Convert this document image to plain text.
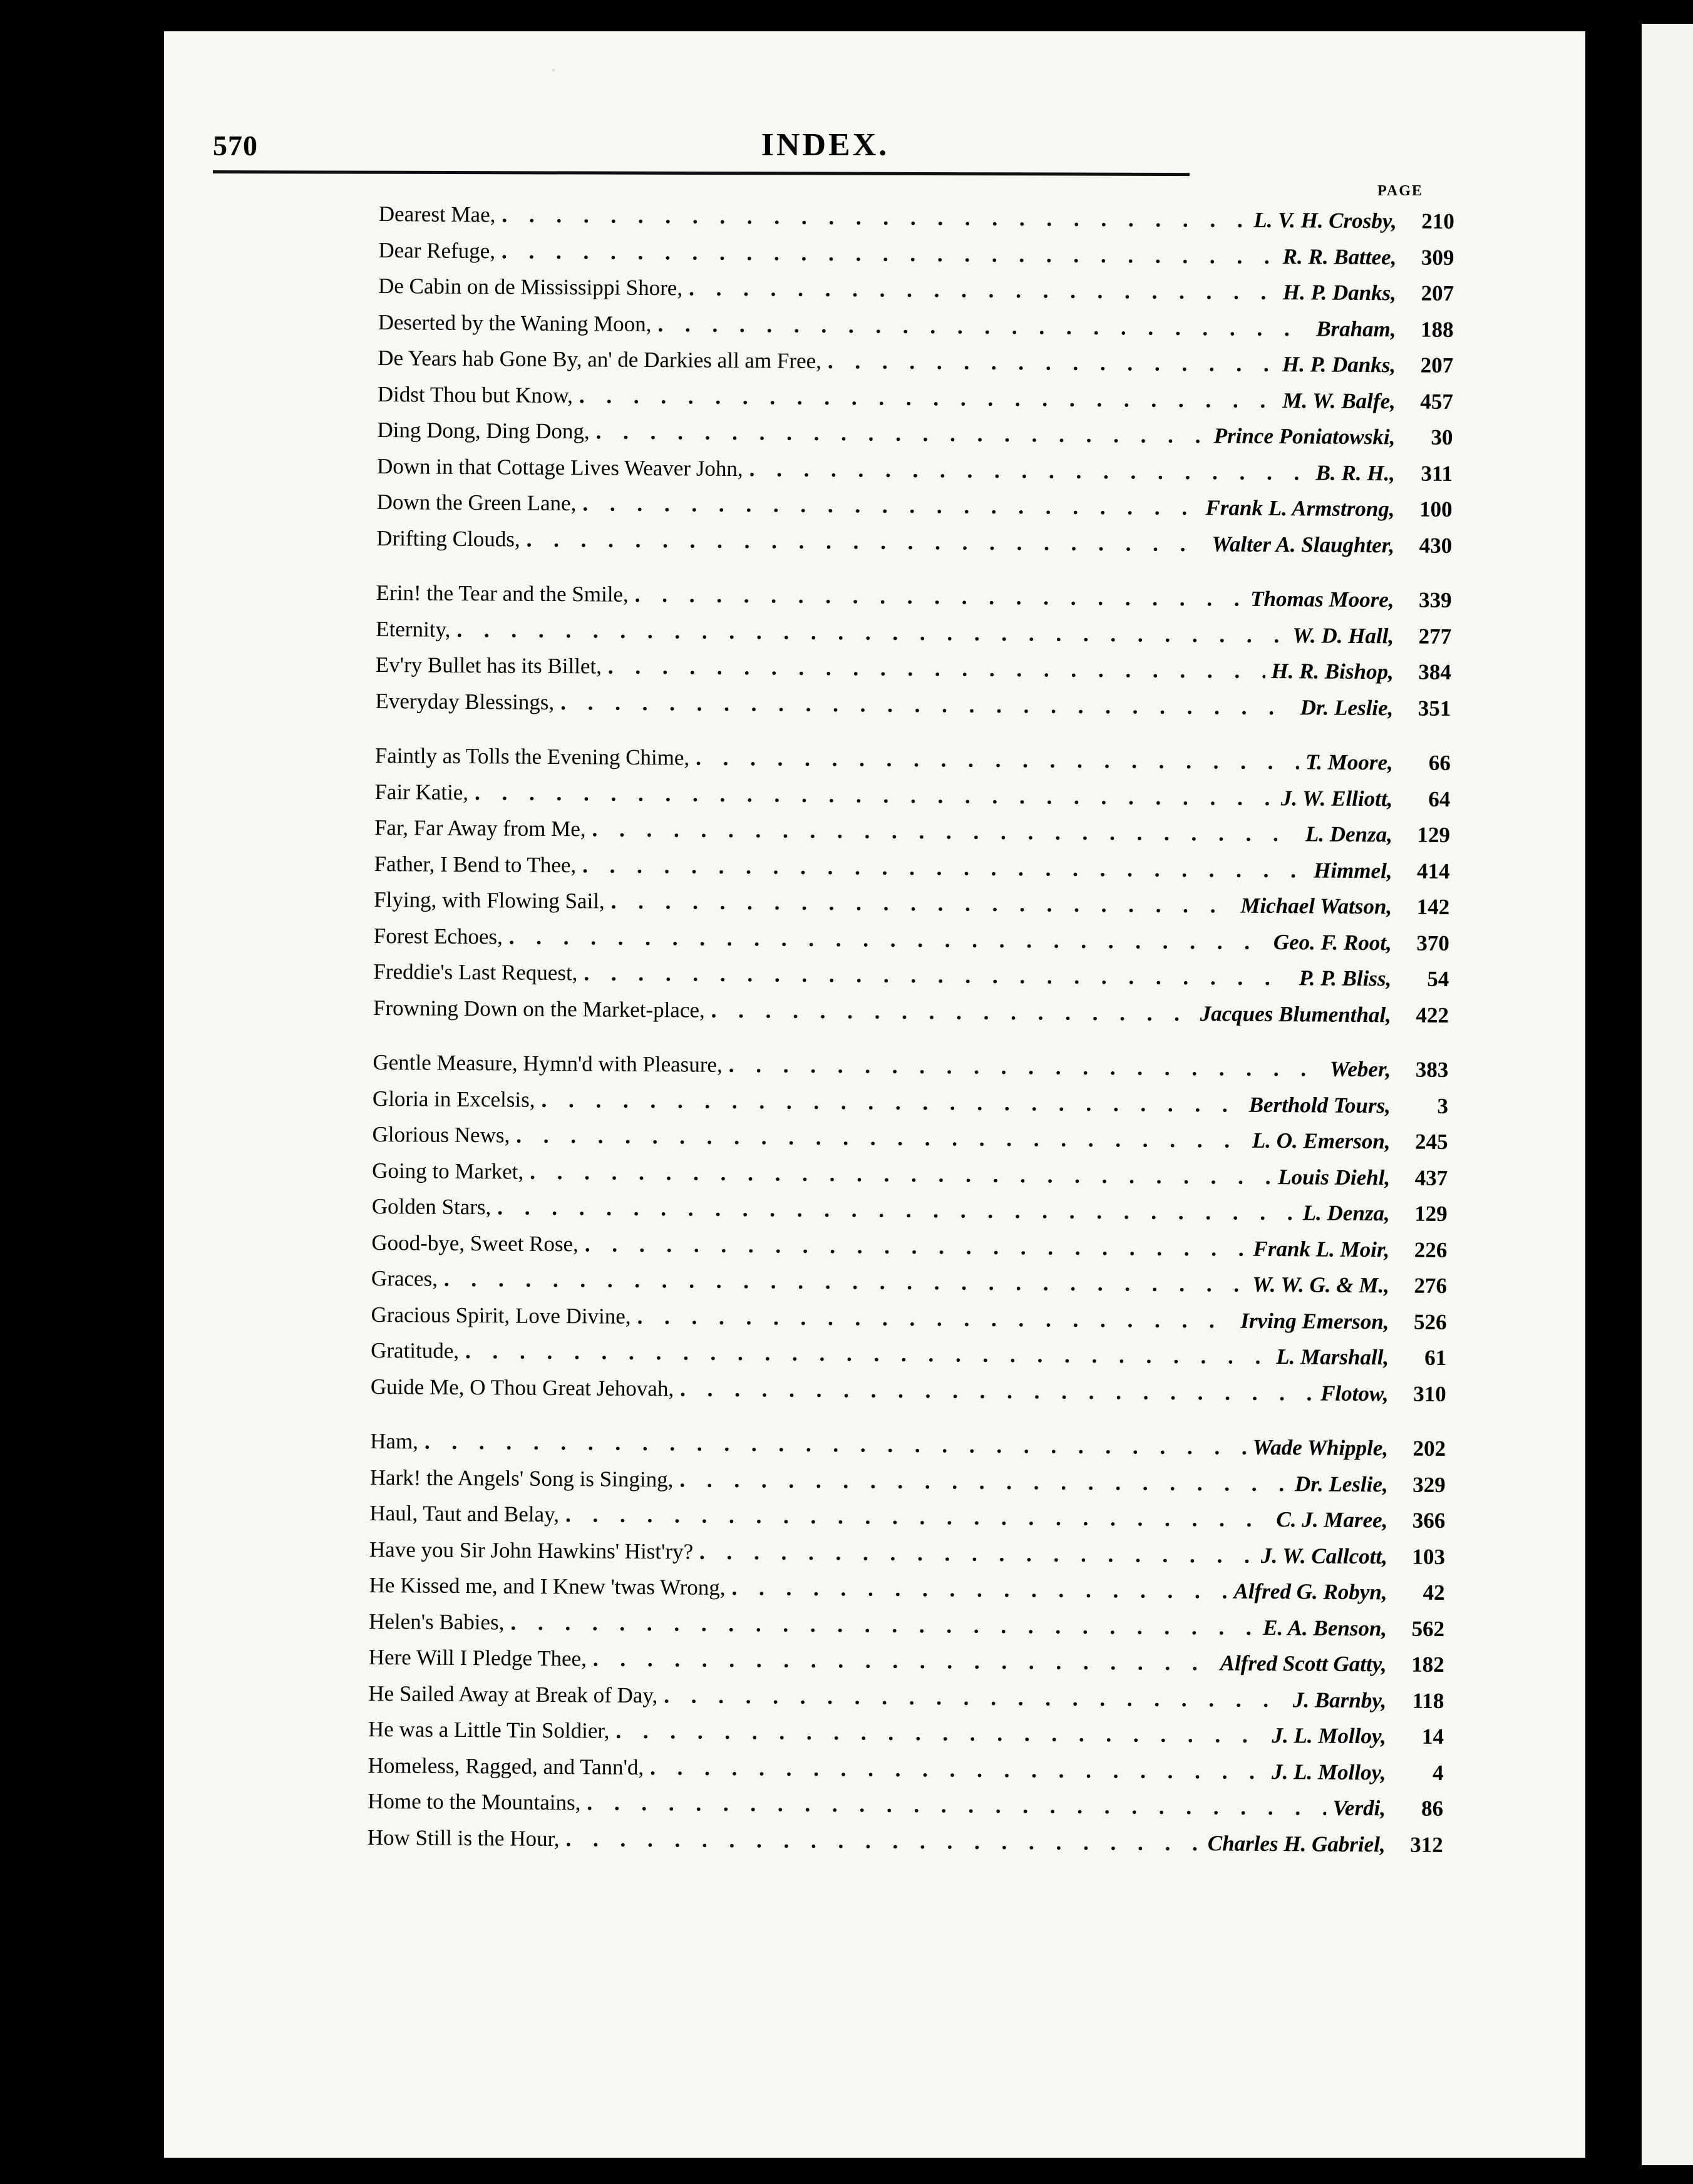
570	INDEX.
PAGE
Dearest Mae, . . .	L. V. H. Crosby,	210
Dear Refuge, . . .	R. R. Battee,	309
De Cabin on de Mississippi Shore, . . .	H. P. Danks,	207
Deserted by the Waning Moon, . . .	Braham,	188
De Years hab Gone By, an' de Darkies all am Free, . . .	H. P. Danks,	207
Didst Thou but Know, . . .	M. W. Balfe,	457
Ding Dong, Ding Dong, . . .	Prince Poniatowski,	30
Down in that Cottage Lives Weaver John, . . .	B. R. H.,	311
Down the Green Lane, . . .	Frank L. Armstrong,	100
Drifting Clouds, . . .	Walter A. Slaughter,	430
Erin! the Tear and the Smile, . . .	Thomas Moore,	339
Eternity, . . .	W. D. Hall,	277
Ev'ry Bullet has its Billet, . . .	H. R. Bishop,	384
Everyday Blessings, . . .	Dr. Leslie,	351
Faintly as Tolls the Evening Chime, . . .	T. Moore,	66
Fair Katie, . . .	J. W. Elliott,	64
Far, Far Away from Me, . . .	L. Denza,	129
Father, I Bend to Thee, . . .	Himmel,	414
Flying, with Flowing Sail, . . .	Michael Watson,	142
Forest Echoes, . . .	Geo. F. Root,	370
Freddie's Last Request, . . .	P. P. Bliss,	54
Frowning Down on the Market-place, . . .	Jacques Blumenthal,	422
Gentle Measure, Hymn'd with Pleasure, . . .	Weber,	383
Gloria in Excelsis, . . .	Berthold Tours,	3
Glorious News, . . .	L. O. Emerson,	245
Going to Market, . . .	Louis Diehl,	437
Golden Stars, . . .	L. Denza,	129
Good-bye, Sweet Rose, . . .	Frank L. Moir,	226
Graces, . . .	W. W. G. & M.,	276
Gracious Spirit, Love Divine, . . .	Irving Emerson,	526
Gratitude, . . .	L. Marshall,	61
Guide Me, O Thou Great Jehovah, . . .	Flotow,	310
Ham, . . .	Wade Whipple,	202
Hark! the Angels' Song is Singing, . . .	Dr. Leslie,	329
Haul, Taut and Belay, . . .	C. J. Maree,	366
Have you Sir John Hawkins' Hist'ry? . . .	J. W. Callcott,	103
He Kissed me, and I Knew 'twas Wrong, . . .	Alfred G. Robyn,	42
Helen's Babies, . . .	E. A. Benson,	562
Here Will I Pledge Thee, . . .	Alfred Scott Gatty,	182
He Sailed Away at Break of Day, . . .	J. Barnby,	118
He was a Little Tin Soldier, . . .	J. L. Molloy,	14
Homeless, Ragged, and Tann'd, . . .	J. L. Molloy,	4
Home to the Mountains, . . .	Verdi,	86
How Still is the Hour, . . .	Charles H. Gabriel,	312
